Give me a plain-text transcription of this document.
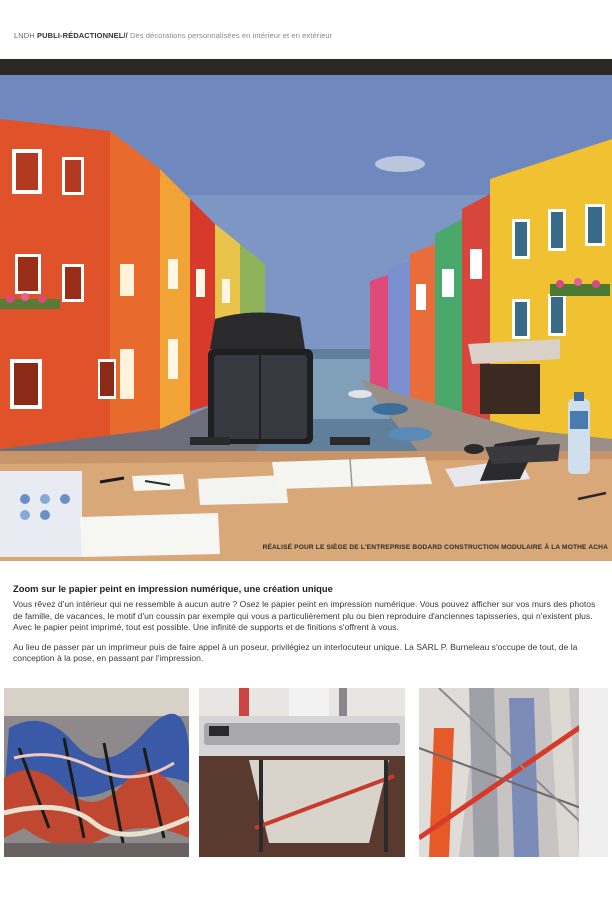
LNDH PUBLI-RÉDACTIONNEL// Des décorations personnalisées en intérieur et en extérieur
RÉALISÉ POUR LE SIÈGE DE L'ENTREPRISE BODARD CONSTRUCTION MODULAIRE À LA MOTHE ACHA
Zoom sur le papier peint en impression numérique, une création unique

Vous rêvez d'un intérieur qui ne ressemble à aucun autre ? Osez le papier peint en impression numérique. Vous pouvez afficher sur vos murs des photos de famille, de vacances, le motif d'un coussin par exemple qui vous a particulièrement plu ou bien reproduire d'anciennes tapisseries, qui n'existent plus. Avec le papier peint imprimé, tout est possible. Une infinité de supports et de finitions s'offrent à vous.

Au lieu de passer par un imprimeur puis de faire appel à un poseur, privilégiez un interlocuteur unique. La SARL P. Burneleau s'occupe de tout, de la conception à la pose, en passant par l'impression.
